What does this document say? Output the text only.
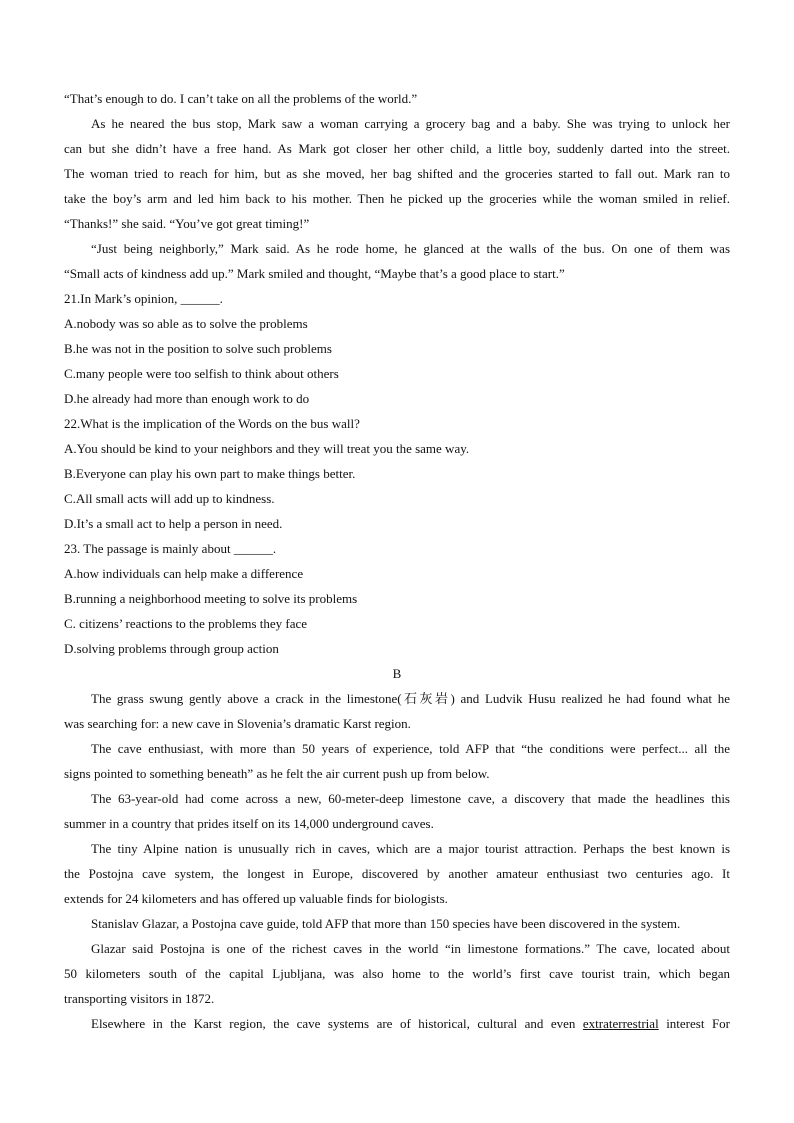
“That’s enough to do. I can’t take on all the problems of the world.”
As he neared the bus stop, Mark saw a woman carrying a grocery bag and a baby. She was trying to unlock her
can but she didn’t have a free hand. As Mark got closer her other child, a little boy, suddenly darted into the street.
The woman tried to reach for him, but as she moved, her bag shifted and the groceries started to fall out. Mark ran to
take the boy’s arm and led him back to his mother. Then he picked up the groceries while the woman smiled in relief.
“Thanks!” she said. “You’ve got great timing!”
“Just being neighborly,” Mark said. As he rode home, he glanced at the walls of the bus. On one of them was
“Small acts of kindness add up.” Mark smiled and thought, “Maybe that’s a good place to start.”
21.In Mark’s opinion, ______.
A.nobody was so able as to solve the problems
B.he was not in the position to solve such problems
C.many people were too selfish to think about others
D.he already had more than enough work to do
22.What is the implication of the Words on the bus wall?
A.You should be kind to your neighbors and they will treat you the same way.
B.Everyone can play his own part to make things better.
C.All small acts will add up to kindness.
D.It’s a small act to help a person in need.
23. The passage is mainly about ______.
A.how individuals can help make a difference
B.running a neighborhood meeting to solve its problems
C. citizens’ reactions to the problems they face
D.solving problems through group action
B
The grass swung gently above a crack in the limestone(石灰岩) and Ludvik Husu realized he had found what he
was searching for: a new cave in Slovenia’s dramatic Karst region.
The cave enthusiast, with more than 50 years of experience, told AFP that “the conditions were perfect... all the
signs pointed to something beneath” as he felt the air current push up from below.
The 63-year-old had come across a new, 60-meter-deep limestone cave, a discovery that made the headlines this
summer in a country that prides itself on its 14,000 underground caves.
The tiny Alpine nation is unusually rich in caves, which are a major tourist attraction. Perhaps the best known is
the Postojna cave system, the longest in Europe, discovered by another amateur enthusiast two centuries ago. It
extends for 24 kilometers and has offered up valuable finds for biologists.
Stanislav Glazar, a Postojna cave guide, told AFP that more than 150 species have been discovered in the system.
Glazar said Postojna is one of the richest caves in the world “in limestone formations.” The cave, located about
50 kilometers south of the capital Ljubljana, was also home to the world’s first cave tourist train, which began
transporting visitors in 1872.
Elsewhere in the Karst region, the cave systems are of historical, cultural and even extraterrestrial interest For
